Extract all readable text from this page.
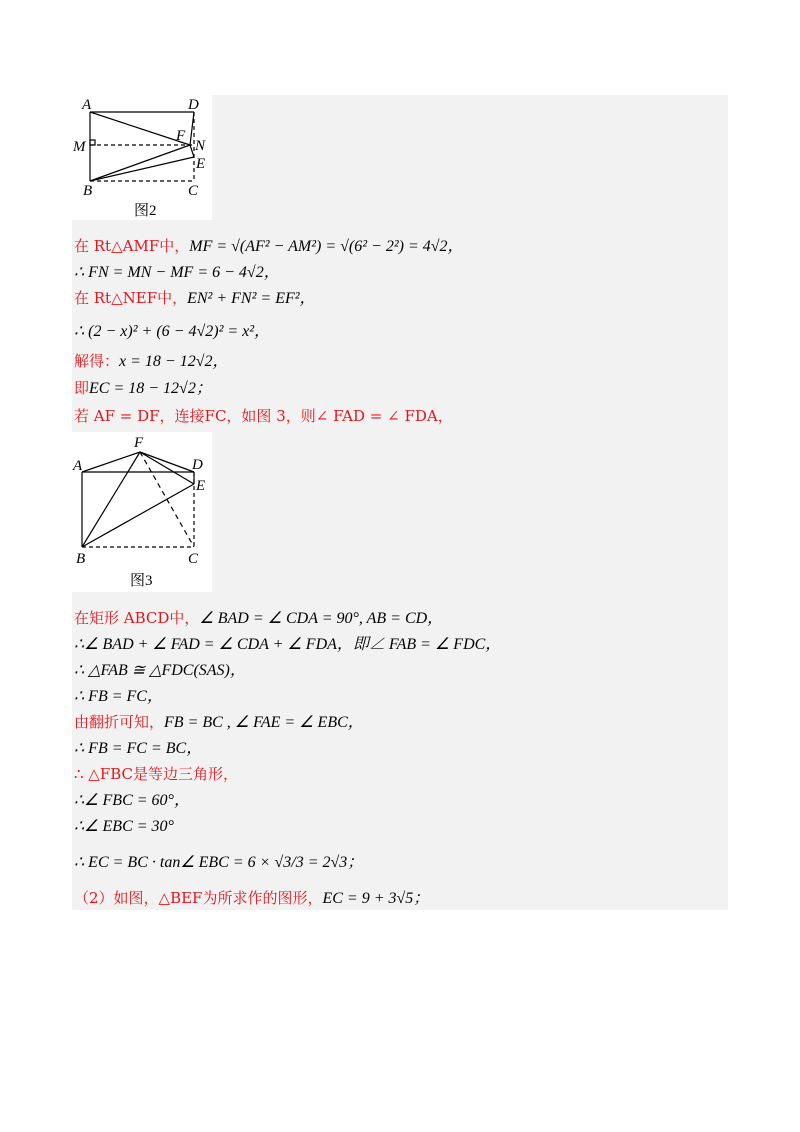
A	D
F
M	N
E
B	C
图2
在 Rt△AMF中，MF = √(AF² − AM²) = √(6² − 2²) = 4√2，
∴ FN = MN − MF = 6 − 4√2，
在 Rt△NEF中，EN² + FN² = EF²，
∴ (2 − x)² + (6 − 4√2)² = x²，
解得：x = 18 − 12√2，
即EC = 18 − 12√2；
若 AF = DF，连接FC，如图 3，则∠ FAD = ∠ FDA，
F
A	D
E
B	C
图3
在矩形 ABCD中，∠ BAD = ∠ CDA = 90°, AB = CD，
∴∠ BAD + ∠ FAD = ∠ CDA + ∠ FDA，即∠ FAB = ∠ FDC，
∴ △FAB ≅ △FDC(SAS)，
∴ FB = FC，
由翻折可知，FB = BC , ∠ FAE = ∠ EBC，
∴ FB = FC = BC，
∴ △FBC是等边三角形，
∴∠ FBC = 60°，
∴∠ EBC = 30°
∴ EC = BC · tan∠ EBC = 6 × √3/3 = 2√3；
（2）如图，△BEF为所求作的图形，EC = 9 + 3√5；
